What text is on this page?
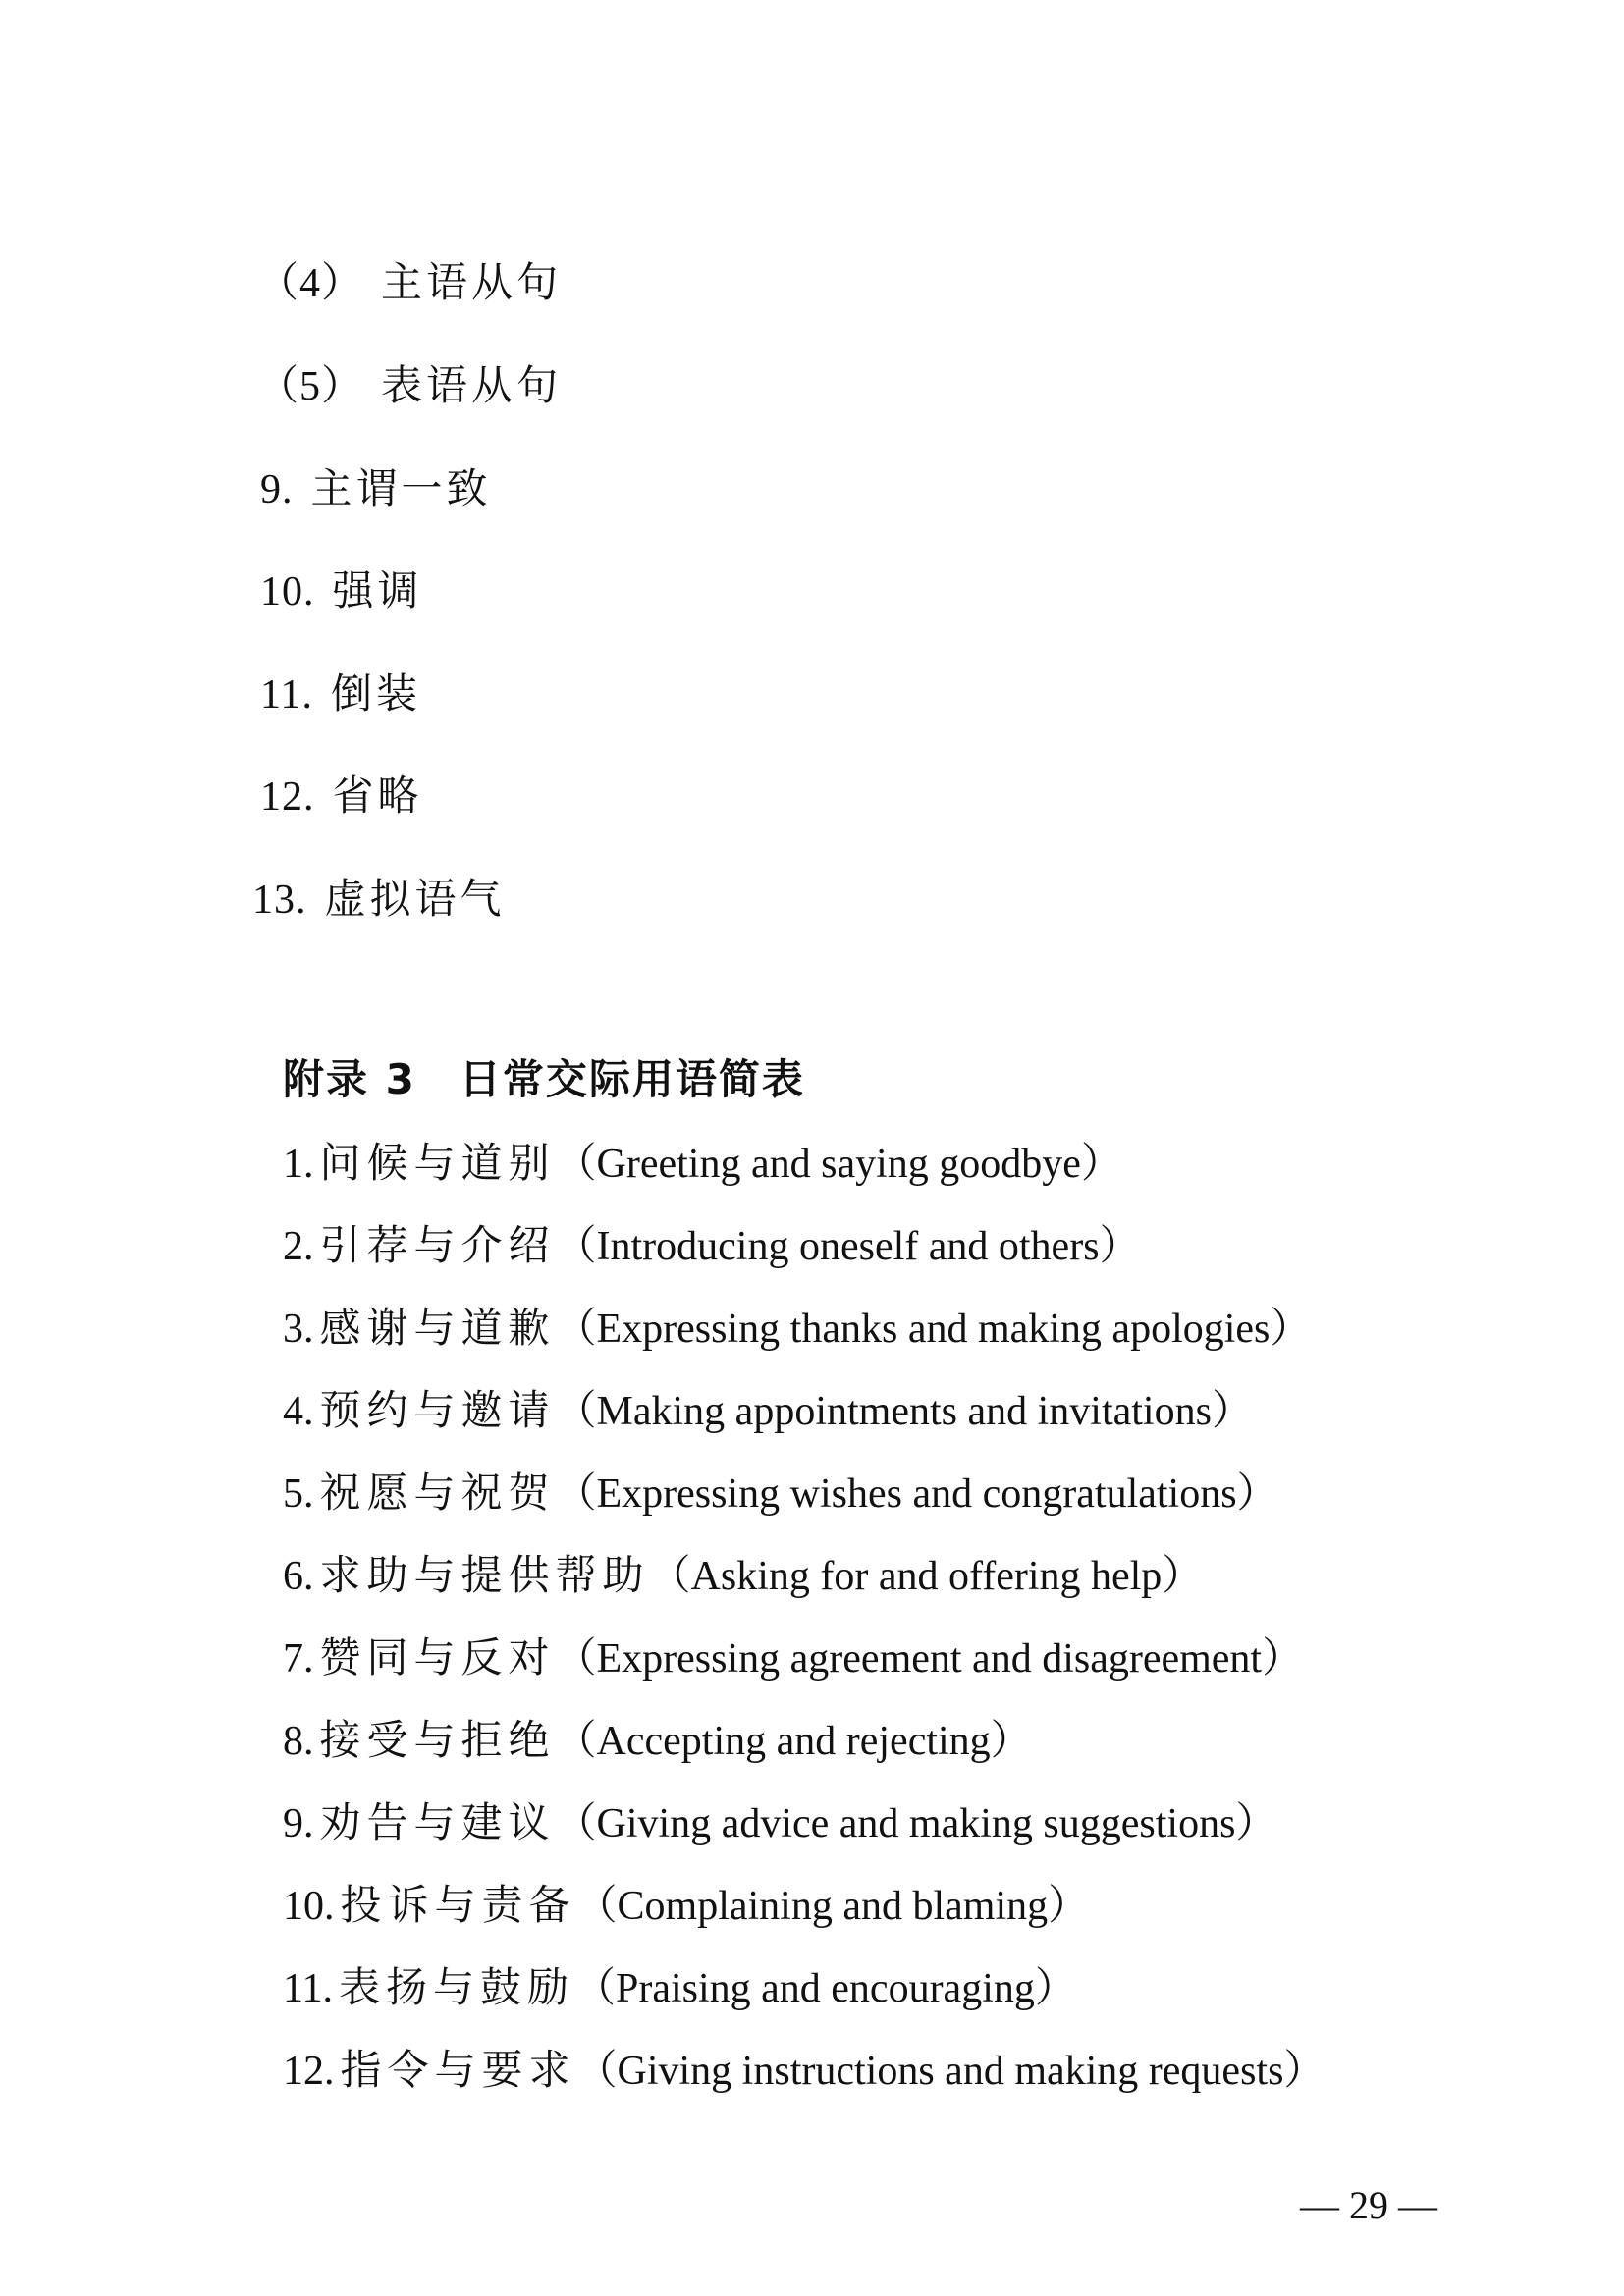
（4） 主语从句
（5） 表语从句
9. 主谓一致
10. 强调
11. 倒装
12. 省略
13. 虚拟语气
附录 3 日常交际用语简表
1. 问候与道别（Greeting and saying goodbye）
2. 引荐与介绍（Introducing oneself and others）
3. 感谢与道歉（Expressing thanks and making apologies）
4. 预约与邀请（Making appointments and invitations）
5. 祝愿与祝贺（Expressing wishes and congratulations）
6. 求助与提供帮助（Asking for and offering help）
7. 赞同与反对（Expressing agreement and disagreement）
8. 接受与拒绝（Accepting and rejecting）
9. 劝告与建议（Giving advice and making suggestions）
10. 投诉与责备（Complaining and blaming）
11. 表扬与鼓励（Praising and encouraging）
12. 指令与要求（Giving instructions and making requests）
— 29 —
